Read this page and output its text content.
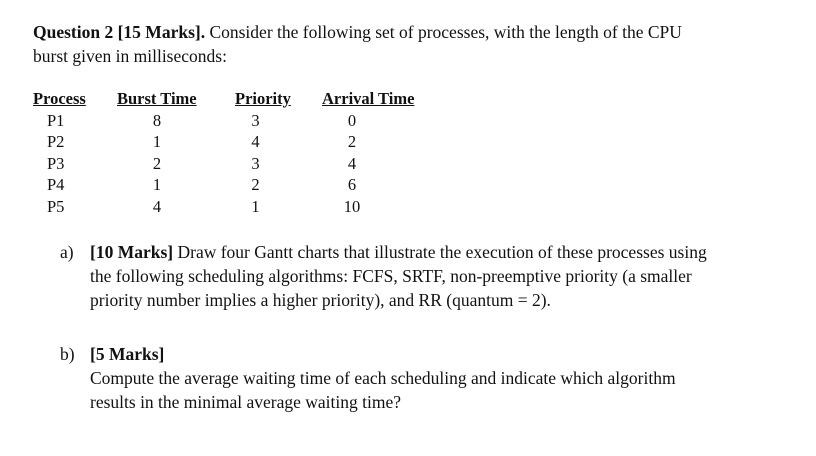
Question 2 [15 Marks]. Consider the following set of processes, with the length of the CPU
burst given in milliseconds:
Process	Burst Time	Priority	Arrival Time
P1	8	3	0
P2	1	4	2
P3	2	3	4
P4	1	2	6
P5	4	1	10
a) [10 Marks] Draw four Gantt charts that illustrate the execution of these processes using
the following scheduling algorithms: FCFS, SRTF, non-preemptive priority (a smaller
priority number implies a higher priority), and RR (quantum = 2).
b) [5 Marks]
Compute the average waiting time of each scheduling and indicate which algorithm
results in the minimal average waiting time?
